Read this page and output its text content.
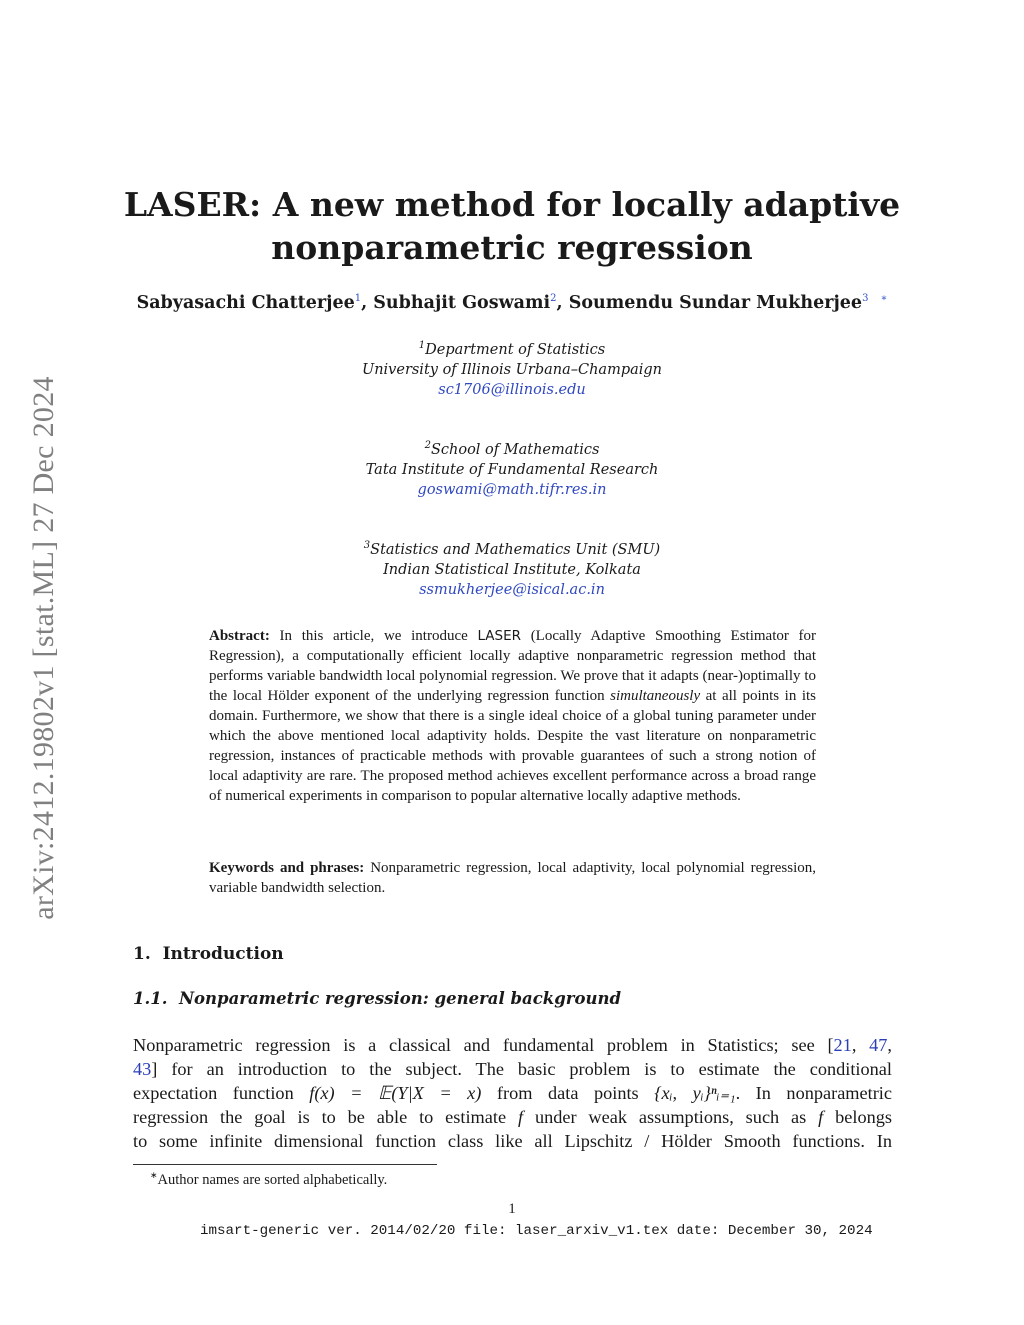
arXiv:2412.19802v1 [stat.ML] 27 Dec 2024
LASER: A new method for locally adaptive
nonparametric regression
Sabyasachi Chatterjee$^1$, Subhajit Goswami$^2$, Soumendu Sundar Mukherjee$^3$ ∗
$^1$Department of Statistics
University of Illinois Urbana–Champaign
sc1706@illinois.edu
$^2$School of Mathematics
Tata Institute of Fundamental Research
goswami@math.tifr.res.in
$^3$Statistics and Mathematics Unit (SMU)
Indian Statistical Institute, Kolkata
ssmukherjee@isical.ac.in
Abstract: In this article, we introduce LASER (Locally Adaptive Smoothing Estimator for Regression), a computationally efficient locally adaptive nonparametric regression method that performs variable bandwidth local polynomial regression. We prove that it adapts (near-)optimally to the local Hölder exponent of the underlying regression function simultaneously at all points in its domain. Furthermore, we show that there is a single ideal choice of a global tuning parameter under which the above mentioned local adaptivity holds. Despite the vast literature on nonparametric regression, instances of practicable methods with provable guarantees of such a strong notion of local adaptivity are rare. The proposed method achieves excellent performance across a broad range of numerical experiments in comparison to popular alternative locally adaptive methods.
Keywords and phrases: Nonparametric regression, local adaptivity, local polynomial regression, variable bandwidth selection.
1. Introduction
1.1. Nonparametric regression: general background
Nonparametric regression is a classical and fundamental problem in Statistics; see [21, 47,
43] for an introduction to the subject. The basic problem is to estimate the conditional
expectation function f(x) = 𝔼(Y|X = x) from data points {xᵢ, yᵢ}ⁿᵢ₌₁. In nonparametric
regression the goal is to be able to estimate f under weak assumptions, such as f belongs
to some infinite dimensional function class like all Lipschitz / Hölder Smooth functions. In
∗Author names are sorted alphabetically.
1
imsart-generic ver. 2014/02/20 file: laser_arxiv_v1.tex date: December 30, 2024
